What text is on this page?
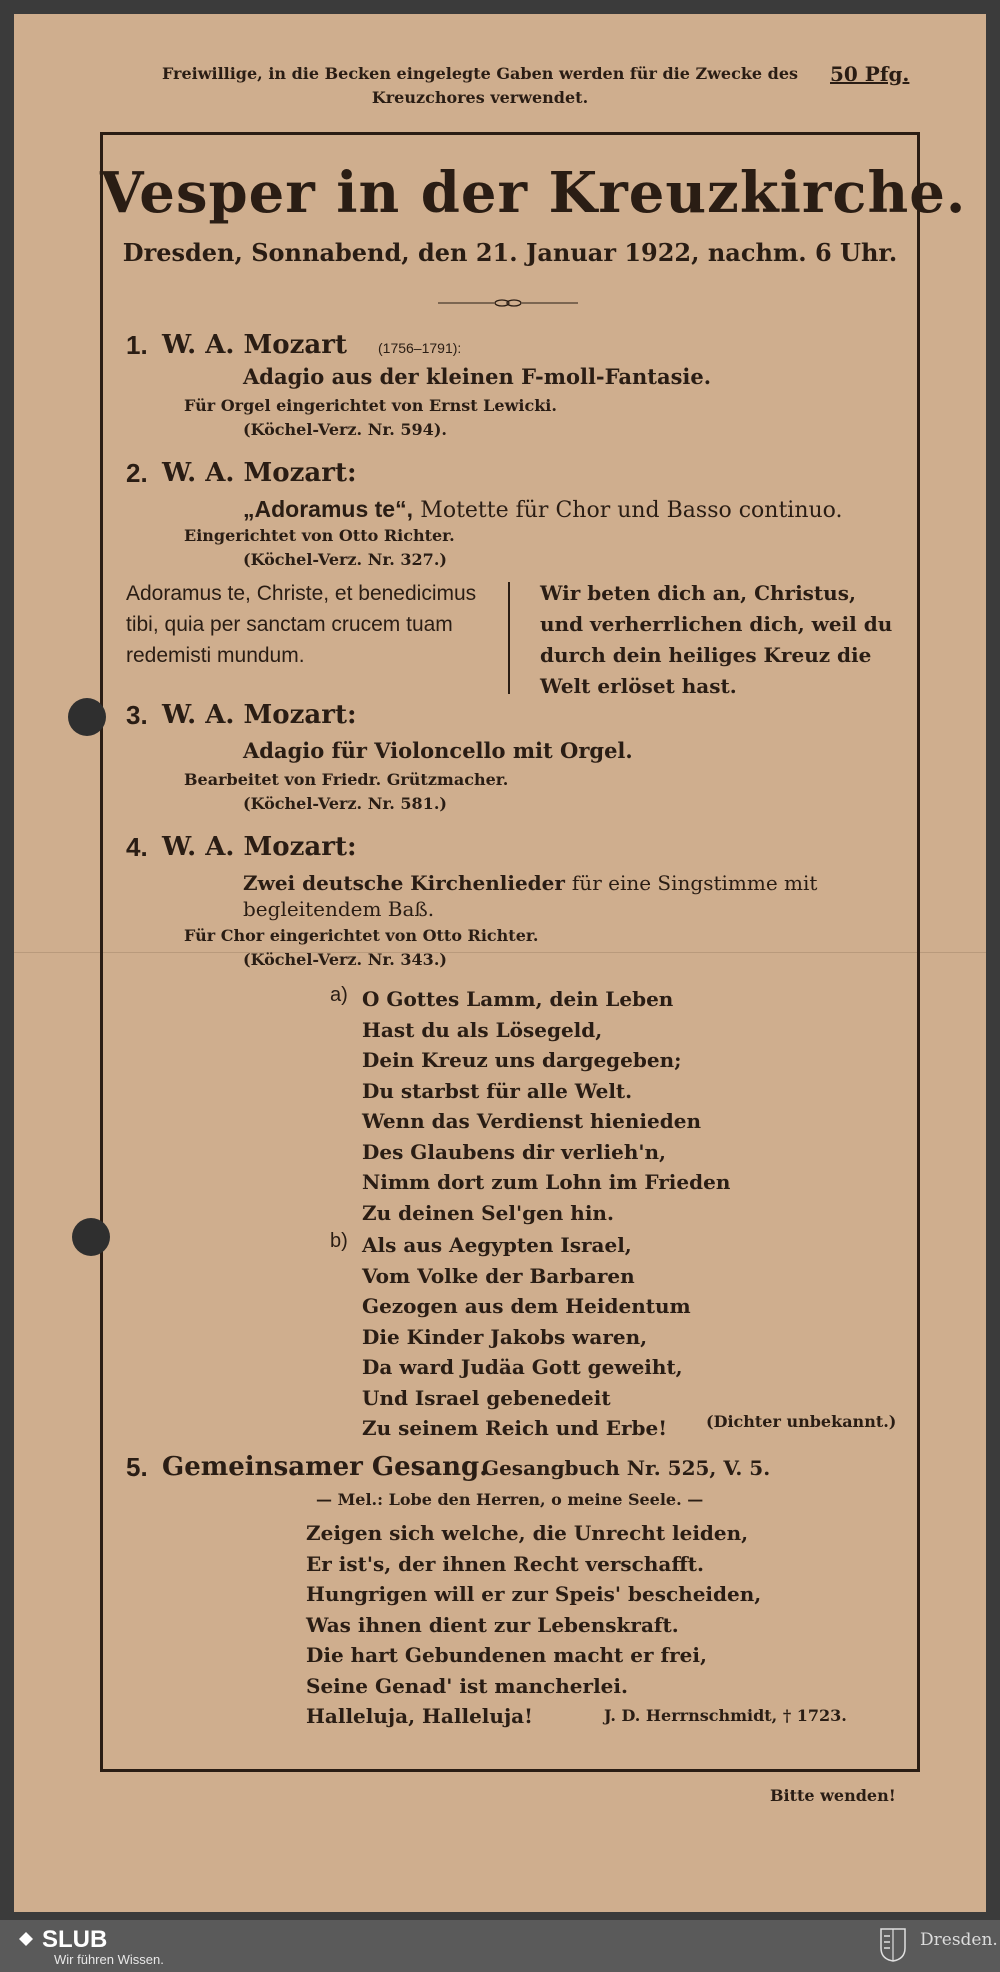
Freiwillige, in die Becken eingelegte Gaben werden für die Zwecke des Kreuzchores verwendet.
50 Pfg.
Vesper in der Kreuzkirche.
Dresden, Sonnabend, den 21. Januar 1922, nachm. 6 Uhr.
1. W. A. Mozart (1756–1791):
Adagio aus der kleinen F-moll-Fantasie.
Für Orgel eingerichtet von Ernst Lewicki.
(Köchel-Verz. Nr. 594).
2. W. A. Mozart:
„Adoramus te“, Motette für Chor und Basso continuo.
Eingerichtet von Otto Richter.
(Köchel-Verz. Nr. 327.)
Adoramus te, Christe, et benedicimus tibi, quia per sanctam crucem tuam redemisti mundum.
Wir beten dich an, Christus, und verherrlichen dich, weil du durch dein heiliges Kreuz die Welt erlöset hast.
3. W. A. Mozart:
Adagio für Violoncello mit Orgel.
Bearbeitet von Friedr. Grützmacher.
(Köchel-Verz. Nr. 581.)
4. W. A. Mozart:
Zwei deutsche Kirchenlieder für eine Singstimme mit begleitendem Baß.
Für Chor eingerichtet von Otto Richter.
(Köchel-Verz. Nr. 343.)
a) O Gottes Lamm, dein Leben
Hast du als Lösegeld,
Dein Kreuz uns dargegeben;
Du starbst für alle Welt.
Wenn das Verdienst hienieden
Des Glaubens dir verlieh'n,
Nimm dort zum Lohn im Frieden
Zu deinen Sel'gen hin.
b) Als aus Aegypten Israel,
Vom Volke der Barbaren
Gezogen aus dem Heidentum
Die Kinder Jakobs waren,
Da ward Judäa Gott geweiht,
Und Israel gebenedeit
Zu seinem Reich und Erbe!	(Dichter unbekannt.)
5. Gemeinsamer Gesang.
Gesangbuch Nr. 525, V. 5.
— Mel.: Lobe den Herren, o meine Seele. —
Zeigen sich welche, die Unrecht leiden,
Er ist's, der ihnen Recht verschafft.
Hungrigen will er zur Speis' bescheiden,
Was ihnen dient zur Lebenskraft.
Die hart Gebundenen macht er frei,
Seine Genad' ist mancherlei.
Halleluja, Halleluja!	J. D. Herrnschmidt, † 1723.
Bitte wenden!
SLUB
Wir führen Wissen.
Dresden.
